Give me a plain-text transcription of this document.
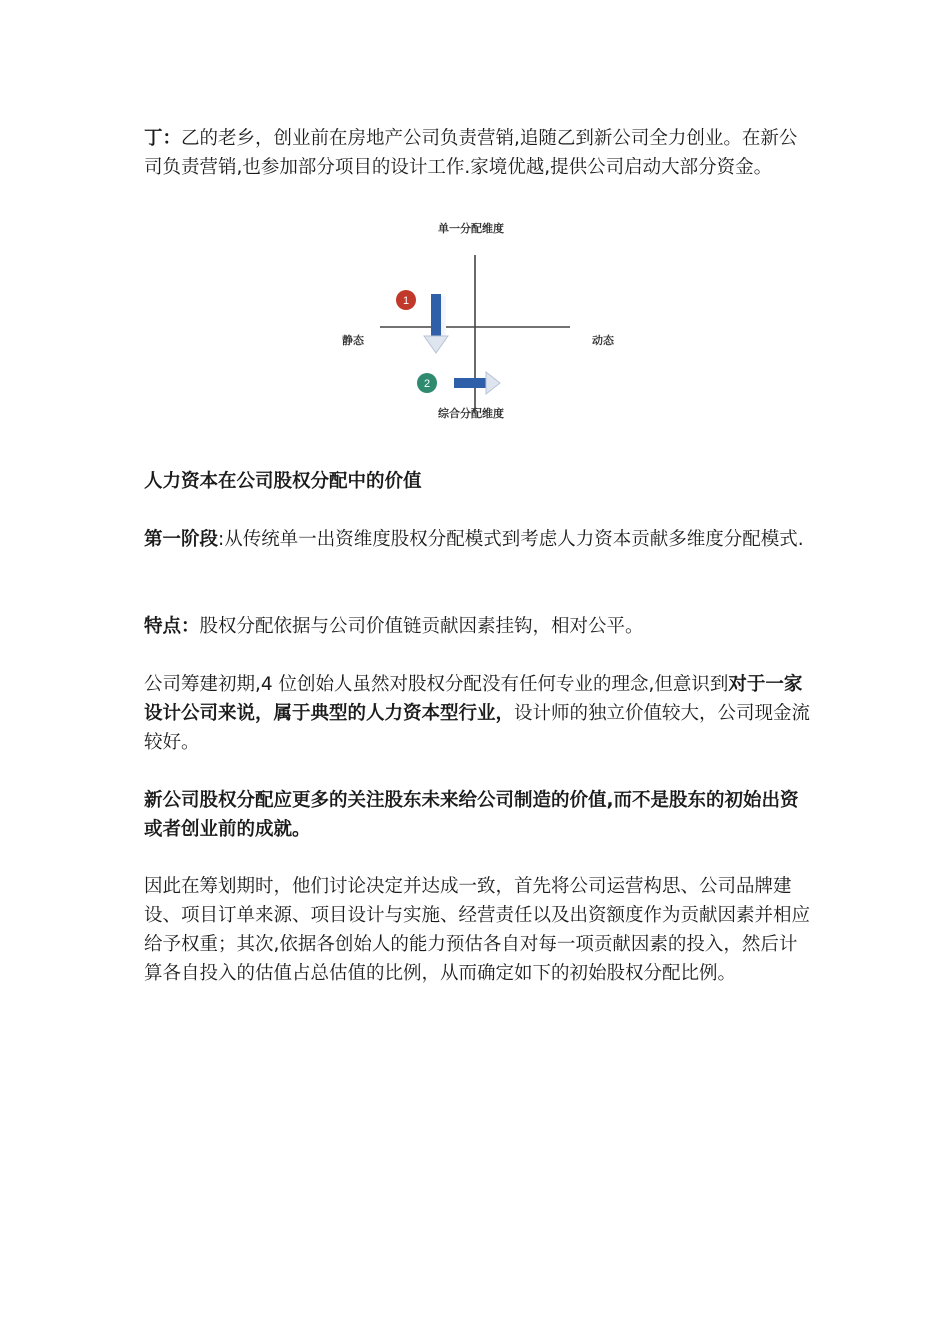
丁：乙的老乡，创业前在房地产公司负责营销,追随乙到新公司全力创业。在新公司负责营销,也参加部分项目的设计工作.家境优越,提供公司启动大部分资金。

1
2
单一分配维度
综合分配维度
静态	动态

人力资本在公司股权分配中的价值

第一阶段:从传统单一出资维度股权分配模式到考虑人力资本贡献多维度分配模式.

特点：股权分配依据与公司价值链贡献因素挂钩，相对公平。

公司筹建初期,4 位创始人虽然对股权分配没有任何专业的理念,但意识到对于一家设计公司来说，属于典型的人力资本型行业，设计师的独立价值较大，公司现金流较好。

新公司股权分配应更多的关注股东未来给公司制造的价值,而不是股东的初始出资或者创业前的成就。

因此在筹划期时，他们讨论决定并达成一致，首先将公司运营构思、公司品牌建设、项目订单来源、项目设计与实施、经营责任以及出资额度作为贡献因素并相应给予权重；其次,依据各创始人的能力预估各自对每一项贡献因素的投入，然后计算各自投入的估值占总估值的比例，从而确定如下的初始股权分配比例。
